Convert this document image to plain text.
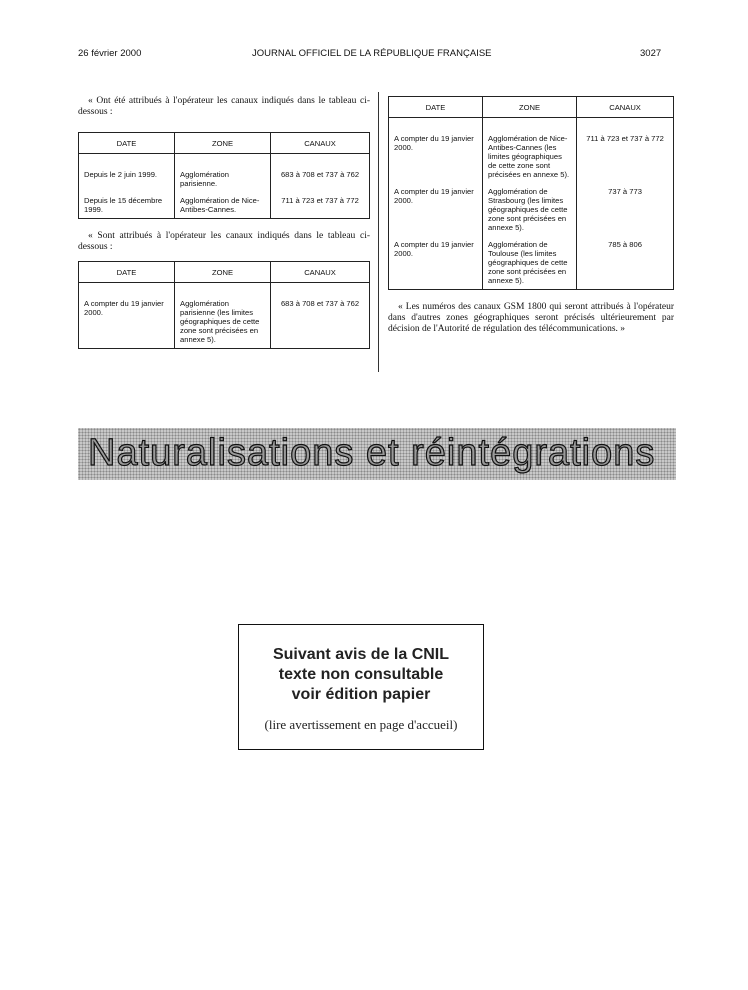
26 février 2000	JOURNAL OFFICIEL DE LA RÉPUBLIQUE FRANÇAISE	3027

« Ont été attribués à l'opérateur les canaux indiqués dans le tableau ci-dessous :

DATE	ZONE	CANAUX

Depuis le 2 juin 1999.	Agglomération parisienne.	683 à 708 et 737 à 762
Depuis le 15 décembre 1999.	Agglomération de Nice-Antibes-Cannes.	711 à 723 et 737 à 772

« Sont attribués à l'opérateur les canaux indiqués dans le tableau ci-dessous :

DATE	ZONE	CANAUX

A compter du 19 janvier 2000.	Agglomération parisienne (les limites géographiques de cette zone sont précisées en annexe 5).	683 à 708 et 737 à 762
DATE	ZONE	CANAUX

A compter du 19 janvier 2000.	Agglomération de Nice-Antibes-Cannes (les limites géographiques de cette zone sont précisées en annexe 5).	711 à 723 et 737 à 772
A compter du 19 janvier 2000.	Agglomération de Strasbourg (les limites géographiques de cette zone sont précisées en annexe 5).	737 à 773
A compter du 19 janvier 2000.	Agglomération de Toulouse (les limites géographiques de cette zone sont précisées en annexe 5).	785 à 806

« Les numéros des canaux GSM 1800 qui seront attribués à l'opérateur dans d'autres zones géographiques seront précisés ultérieurement par décision de l'Autorité de régulation des télécommunications. »

Naturalisations et réintégrations
Suivant avis de la CNIL
texte non consultable
voir édition papier
(lire avertissement en page d'accueil)
